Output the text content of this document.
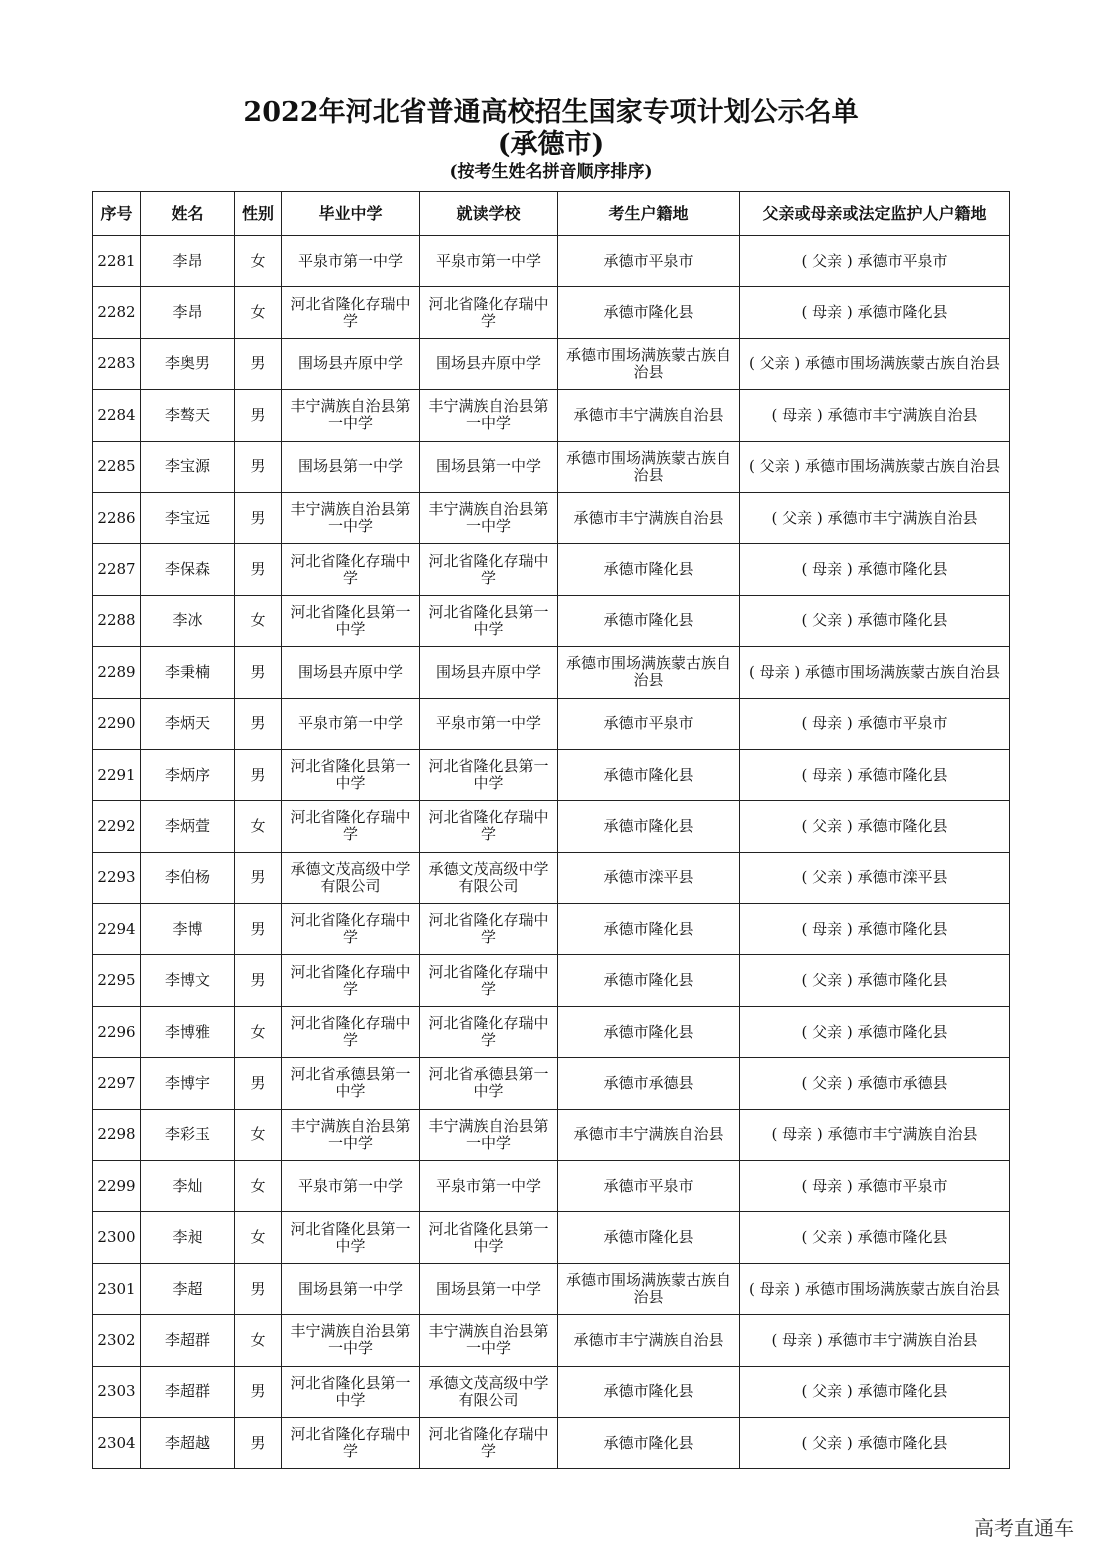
2022年河北省普通高校招生国家专项计划公示名单
(承德市)
(按考生姓名拼音顺序排序)
序号	姓名	性别	毕业中学	就读学校	考生户籍地	父亲或母亲或法定监护人户籍地
2281	李昂	女	平泉市第一中学	平泉市第一中学	承德市平泉市	( 父亲 ) 承德市平泉市
2282	李昂	女	河北省隆化存瑞中学	河北省隆化存瑞中学	承德市隆化县	( 母亲 ) 承德市隆化县
2283	李奥男	男	围场县卉原中学	围场县卉原中学	承德市围场满族蒙古族自治县	( 父亲 ) 承德市围场满族蒙古族自治县
2284	李骜天	男	丰宁满族自治县第一中学	丰宁满族自治县第一中学	承德市丰宁满族自治县	( 母亲 ) 承德市丰宁满族自治县
2285	李宝源	男	围场县第一中学	围场县第一中学	承德市围场满族蒙古族自治县	( 父亲 ) 承德市围场满族蒙古族自治县
2286	李宝远	男	丰宁满族自治县第一中学	丰宁满族自治县第一中学	承德市丰宁满族自治县	( 父亲 ) 承德市丰宁满族自治县
2287	李保森	男	河北省隆化存瑞中学	河北省隆化存瑞中学	承德市隆化县	( 母亲 ) 承德市隆化县
2288	李冰	女	河北省隆化县第一中学	河北省隆化县第一中学	承德市隆化县	( 父亲 ) 承德市隆化县
2289	李秉楠	男	围场县卉原中学	围场县卉原中学	承德市围场满族蒙古族自治县	( 母亲 ) 承德市围场满族蒙古族自治县
2290	李炳天	男	平泉市第一中学	平泉市第一中学	承德市平泉市	( 母亲 ) 承德市平泉市
2291	李炳序	男	河北省隆化县第一中学	河北省隆化县第一中学	承德市隆化县	( 母亲 ) 承德市隆化县
2292	李炳萱	女	河北省隆化存瑞中学	河北省隆化存瑞中学	承德市隆化县	( 父亲 ) 承德市隆化县
2293	李伯杨	男	承德文茂高级中学有限公司	承德文茂高级中学有限公司	承德市滦平县	( 父亲 ) 承德市滦平县
2294	李博	男	河北省隆化存瑞中学	河北省隆化存瑞中学	承德市隆化县	( 母亲 ) 承德市隆化县
2295	李博文	男	河北省隆化存瑞中学	河北省隆化存瑞中学	承德市隆化县	( 父亲 ) 承德市隆化县
2296	李博雅	女	河北省隆化存瑞中学	河北省隆化存瑞中学	承德市隆化县	( 父亲 ) 承德市隆化县
2297	李博宇	男	河北省承德县第一中学	河北省承德县第一中学	承德市承德县	( 父亲 ) 承德市承德县
2298	李彩玉	女	丰宁满族自治县第一中学	丰宁满族自治县第一中学	承德市丰宁满族自治县	( 母亲 ) 承德市丰宁满族自治县
2299	李灿	女	平泉市第一中学	平泉市第一中学	承德市平泉市	( 母亲 ) 承德市平泉市
2300	李昶	女	河北省隆化县第一中学	河北省隆化县第一中学	承德市隆化县	( 父亲 ) 承德市隆化县
2301	李超	男	围场县第一中学	围场县第一中学	承德市围场满族蒙古族自治县	( 母亲 ) 承德市围场满族蒙古族自治县
2302	李超群	女	丰宁满族自治县第一中学	丰宁满族自治县第一中学	承德市丰宁满族自治县	( 母亲 ) 承德市丰宁满族自治县
2303	李超群	男	河北省隆化县第一中学	承德文茂高级中学有限公司	承德市隆化县	( 父亲 ) 承德市隆化县
2304	李超越	男	河北省隆化存瑞中学	河北省隆化存瑞中学	承德市隆化县	( 父亲 ) 承德市隆化县
高考直通车
